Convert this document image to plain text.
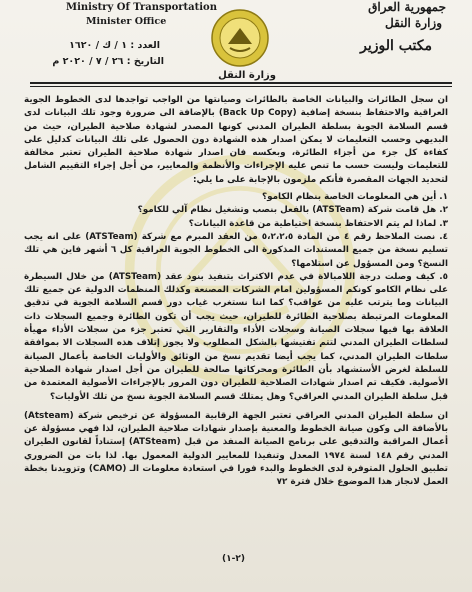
Ministry Of Transportation
Minister Office
جمهورية العراق
وزارة النقل
مكتب الوزير
العدد : ١ / ك / ١٦٢٠
التاريخ : ٢٦ / ٧ / ٢٠٢٠ م
وزارة النقل

ان سجل الطائرات والبيانات الخاصة بالطائرات وصيانتها من الواجب تواجدها لدى الخطوط الجوية العراقية والاحتفاظ بنسخة إضافية (Back Up Copy) بالإضافة الى ضرورة وجود تلك البيانات لدى قسم السلامة الجوية بسلطة الطيران المدني كونها المصدر لشهادة صلاحية الطيران، حيث من البديهي وحسب التعليمات لا يمكن اصدار هذه الشهادة دون الحصول على تلك البيانات كدليل على كفاءة كل جزء من أجزاء الطائرة، وبعكسه فان اصدار شهادة صلاحية الطيران تعتبر مخالفة للتعليمات وليست حسب ما تنص عليه الإجراءات والأنظمة والمعايير، من أجل إجراء التقييم الشامل لتحديد الجهات المقصرة فأنكم ملزمون بالإجابة على ما يلي:

١. أين هي المعلومات الخاصة بنظام الكامو؟

٢. هل قامت شركة (ATSTeam) بالفعل بنصب وتشغيل نظام آلي للكامو؟

٣. لماذا لم يتم الاحتفاظ بنسخة احتياطية من قاعدة البيانات؟

٤. نصت الملاحظ رقم ٤ من المادة ٥،٢،٢،٥ من العقد المبرم مع شركة (ATSTeam) على انه يجب تسليم نسخة من جميع المستندات المذكورة الى الخطوط الجوية العراقية كل ٦ أشهر فاين هي تلك النسخ؟ ومن المسؤول عن استلامها؟

٥. كيف وصلت درجة اللامبالاة في عدم الاكتراث بتنفيذ بنود عقد (ATSTeam) من خلال السيطرة على نظام الكامو كونكم المسؤولين امام الشركات المصنعة وكذلك المنظمات الدولية عن جميع تلك البيانات وما يترتب عليه من عواقب؟ كما اننا نستغرب غياب دور قسم السلامة الجوية في تدقيق المعلومات المرتبطة بصلاحية الطائرة للطيران، حيث يجب أن تكون الطائرة وجميع السجلات ذات العلاقة بها فيها سجلات الصيانة وسجلات الأداء والتقارير التي تعتبر جزء من سجلات الأداء مهيأة لسلطات الطيران المدني لتتم تفتيشها بالشكل المطلوب ولا يجوز إتلاف هذه السجلات الا بموافقة سلطات الطيران المدني، كما يجب أيضا تقديم نسخ من الوثائق والأوليات الخاصة بأعمال الصيانة للسلطة لغرض الأستشهاد بأن الطائرة ومحركاتها صالحة للطيران من أجل اصدار شهادة الصلاحية الأصولية. فكيف تم اصدار شهادات الصلاحية للطيران دون المرور بالإجراءات الأصولية المعتمدة من قبل سلطة الطيران المدني العراقي؟ وهل يمتلك قسم السلامة الجوية نسخ من تلك الأوليات؟

ان سلطة الطيران المدني العراقي تعتبر الجهة الرقابية المسؤولة عن ترخيص شركة (Atsteam) بالأضافة الى وكون صيانة الخطوط والمعنية بإصدار شهادات صلاحية الطيران، لذا فهي مسؤولة عن أعمال المراقبة والتدقيق على برنامج الصيانة المنفذ من قبل (ATSteam) إستناداً لقانون الطيران المدني رقم ١٤٨ لسنة ١٩٧٤ المعدل وتنفيذا للمعايير الدولية المعمول بها. لذا بات من الضروري تطبيق الحلول المتوفرة لدى الخطوط والبدء فورا في استعادة معلومات الـ (CAMO) وتزويدنا بخطة العمل لانجاز هذا الموضوع خلال فترة ٧٢

(٢-١)
